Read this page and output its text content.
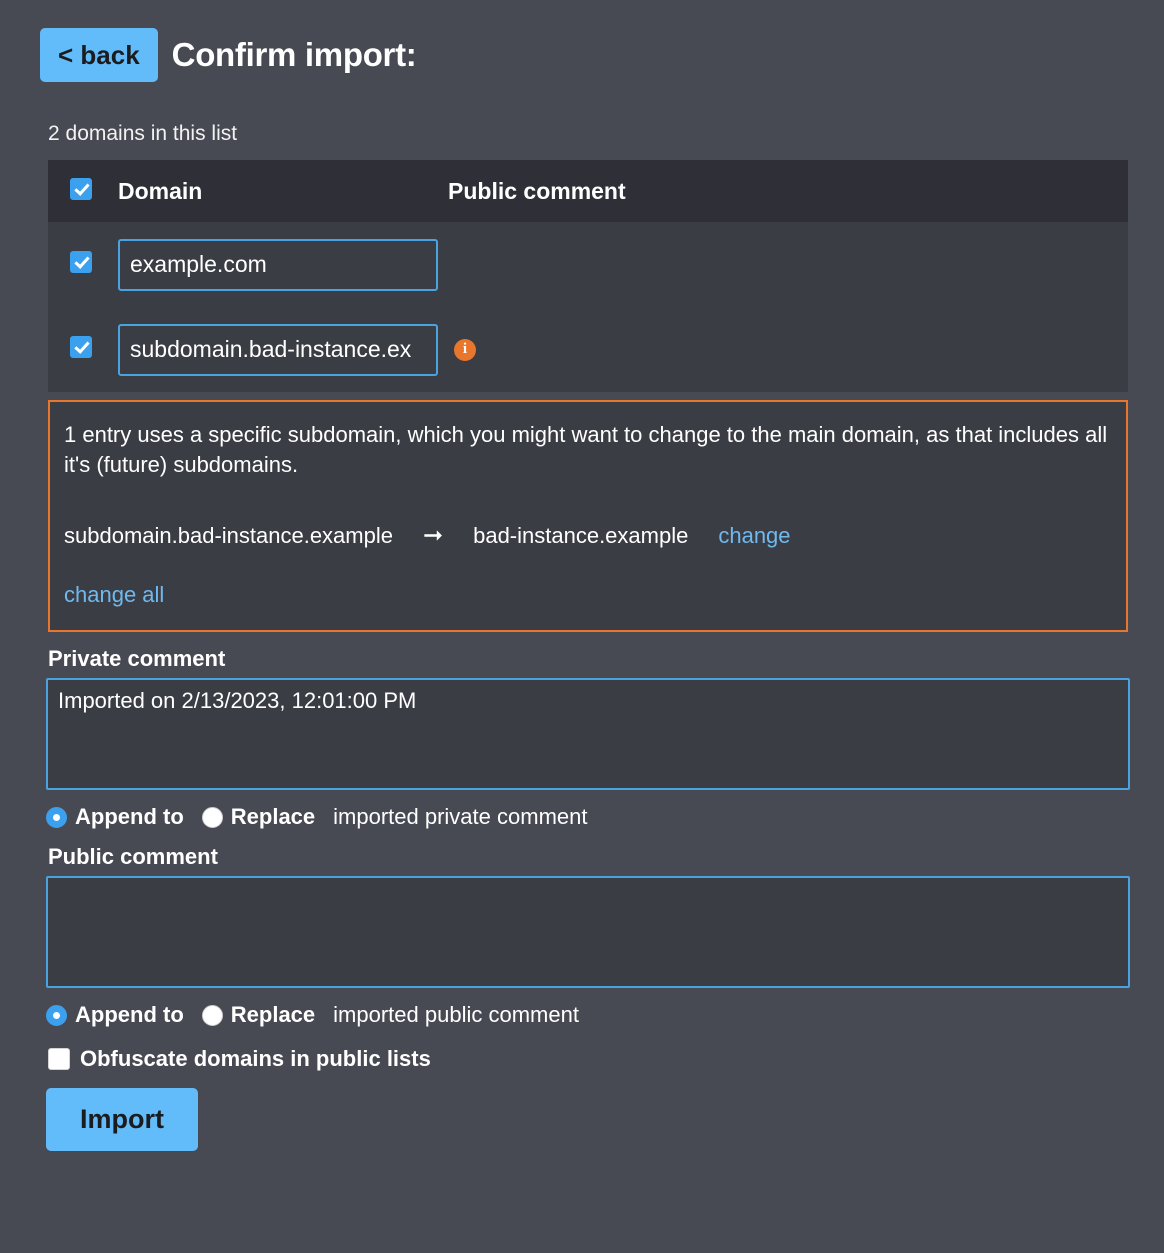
< back Confirm import:
2 domains in this list
Domain	Public comment
example.com
subdomain.bad-instance.ex
i
1 entry uses a specific subdomain, which you might want to change to the main domain, as that includes all it's (future) subdomains.
subdomain.bad-instance.example ➞ bad-instance.example change
change all
Private comment
Imported on 2/13/2023, 12:01:00 PM
Append to Replace imported private comment
Public comment
Append to Replace imported public comment
Obfuscate domains in public lists
Import
